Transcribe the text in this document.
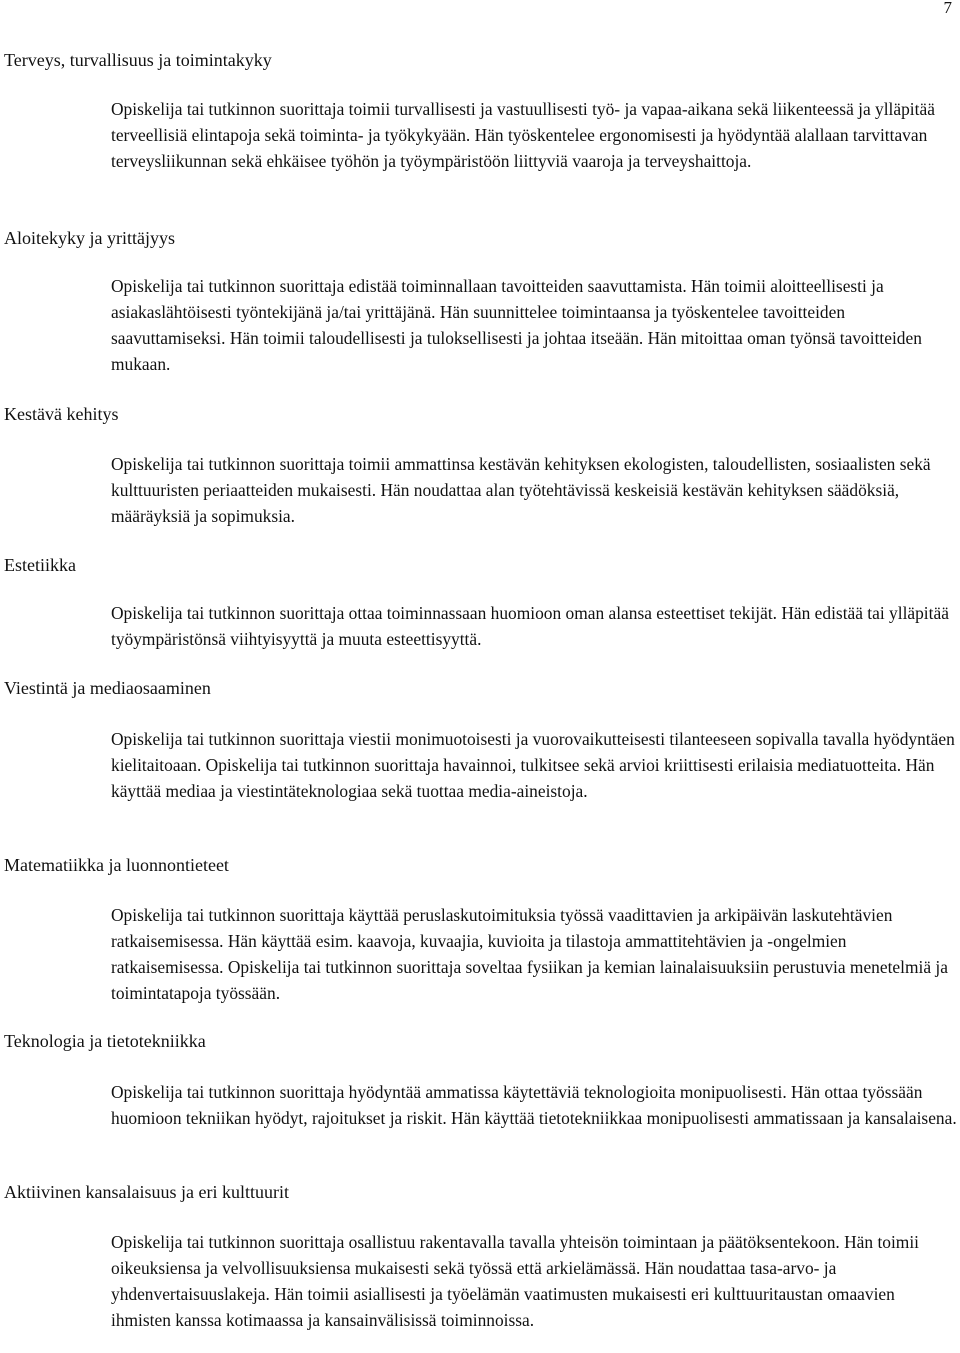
7
Terveys, turvallisuus ja toimintakyky

Opiskelija tai tutkinnon suorittaja toimii turvallisesti ja vastuullisesti työ- ja vapaa-aikana sekä liikenteessä ja ylläpitää terveellisiä elintapoja sekä toiminta- ja työkykyään. Hän työskentelee ergonomisesti ja hyödyntää alallaan tarvittavan terveysliikunnan sekä ehkäisee työhön ja työympäristöön liittyviä vaaroja ja terveyshaittoja.

Aloitekyky ja yrittäjyys

Opiskelija tai tutkinnon suorittaja edistää toiminnallaan tavoitteiden saavuttamista. Hän toimii aloitteellisesti ja asiakaslähtöisesti työntekijänä ja/tai yrittäjänä. Hän suunnittelee toimintaansa ja työskentelee tavoitteiden saavuttamiseksi. Hän toimii taloudellisesti ja tuloksellisesti ja johtaa itseään. Hän mitoittaa oman työnsä tavoitteiden mukaan.

Kestävä kehitys

Opiskelija tai tutkinnon suorittaja toimii ammattinsa kestävän kehityksen ekologisten, taloudellisten, sosiaalisten sekä kulttuuristen periaatteiden mukaisesti. Hän noudattaa alan työtehtävissä keskeisiä kestävän kehityksen säädöksiä, määräyksiä ja sopimuksia.

Estetiikka

Opiskelija tai tutkinnon suorittaja ottaa toiminnassaan huomioon oman alansa esteettiset tekijät. Hän edistää tai ylläpitää työympäristönsä viihtyisyyttä ja muuta esteettisyyttä.

Viestintä ja mediaosaaminen

Opiskelija tai tutkinnon suorittaja viestii monimuotoisesti ja vuorovaikutteisesti tilanteeseen sopivalla tavalla hyödyntäen kielitaitoaan. Opiskelija tai tutkinnon suorittaja havainnoi, tulkitsee sekä arvioi kriittisesti erilaisia mediatuotteita. Hän käyttää mediaa ja viestintäteknologiaa sekä tuottaa media-aineistoja.

Matematiikka ja luonnontieteet

Opiskelija tai tutkinnon suorittaja käyttää peruslaskutoimituksia työssä vaadittavien ja arkipäivän laskutehtävien ratkaisemisessa. Hän käyttää esim. kaavoja, kuvaajia, kuvioita ja tilastoja ammattitehtävien ja -ongelmien ratkaisemisessa. Opiskelija tai tutkinnon suorittaja soveltaa fysiikan ja kemian lainalaisuuksiin perustuvia menetelmiä ja toimintatapoja työssään.

Teknologia ja tietotekniikka

Opiskelija tai tutkinnon suorittaja hyödyntää ammatissa käytettäviä teknologioita monipuolisesti. Hän ottaa työssään huomioon tekniikan hyödyt, rajoitukset ja riskit. Hän käyttää tietotekniikkaa monipuolisesti ammatissaan ja kansalaisena.

Aktiivinen kansalaisuus ja eri kulttuurit

Opiskelija tai tutkinnon suorittaja osallistuu rakentavalla tavalla yhteisön toimintaan ja päätöksentekoon. Hän toimii oikeuksiensa ja velvollisuuksiensa mukaisesti sekä työssä että arkielämässä. Hän noudattaa tasa-arvo- ja yhdenvertaisuuslakeja. Hän toimii asiallisesti ja työelämän vaatimusten mukaisesti eri kulttuuritaustan omaavien ihmisten kanssa kotimaassa ja kansainvälisissä toiminnoissa.
